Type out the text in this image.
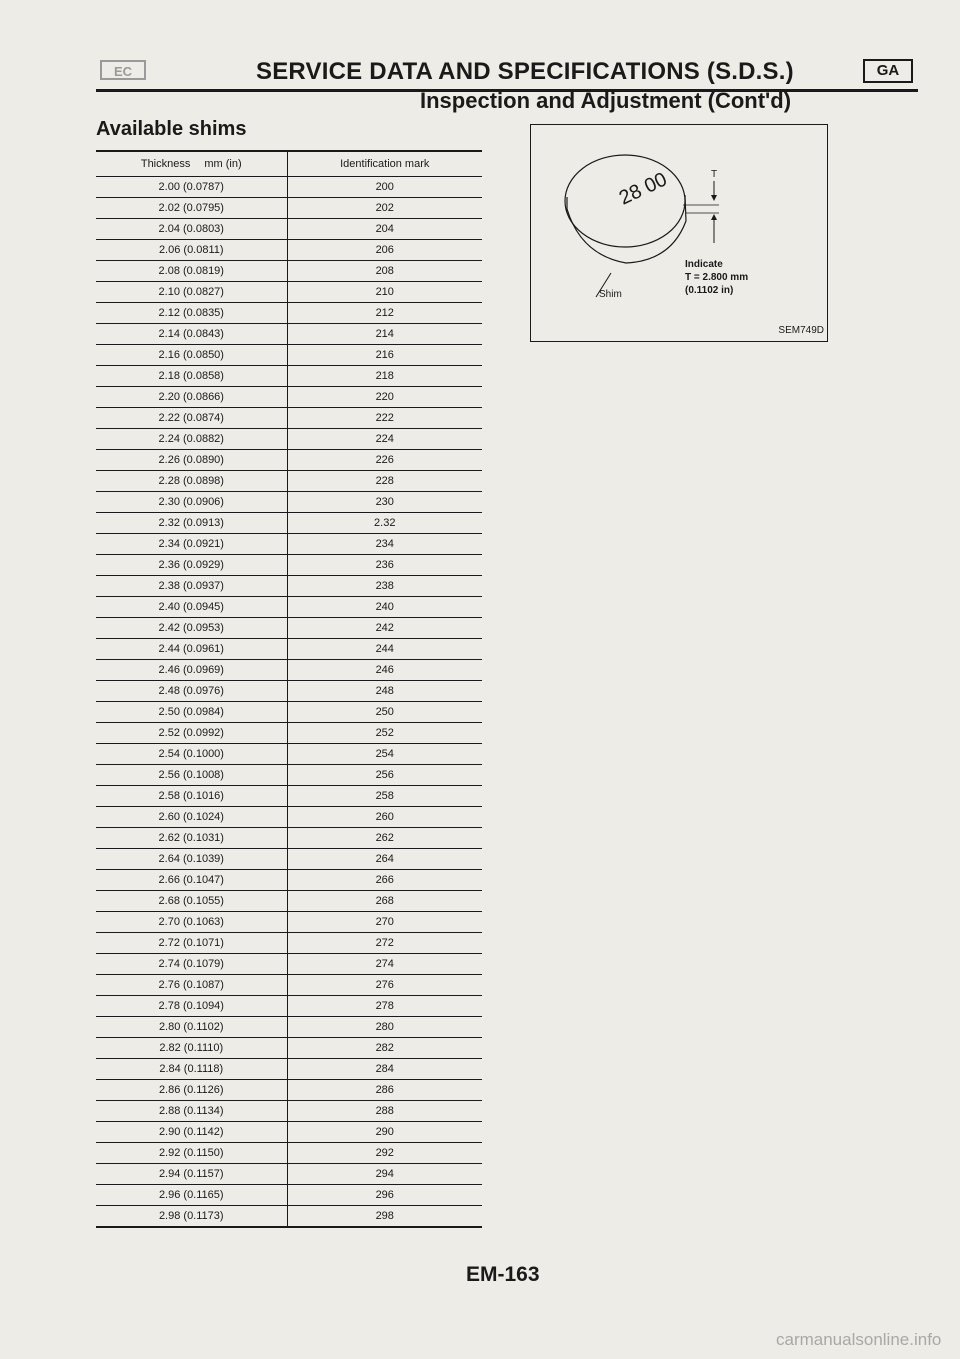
EC	SERVICE DATA AND SPECIFICATIONS (S.D.S.)	GA
Inspection and Adjustment (Cont'd)
Available shims
Thickness mm (in)	Identification mark
2.00 (0.0787)	200
2.02 (0.0795)	202
2.04 (0.0803)	204
2.06 (0.0811)	206
2.08 (0.0819)	208
2.10 (0.0827)	210
2.12 (0.0835)	212
2.14 (0.0843)	214
2.16 (0.0850)	216
2.18 (0.0858)	218
2.20 (0.0866)	220
2.22 (0.0874)	222
2.24 (0.0882)	224
2.26 (0.0890)	226
2.28 (0.0898)	228
2.30 (0.0906)	230
2.32 (0.0913)	2.32
2.34 (0.0921)	234
2.36 (0.0929)	236
2.38 (0.0937)	238
2.40 (0.0945)	240
2.42 (0.0953)	242
2.44 (0.0961)	244
2.46 (0.0969)	246
2.48 (0.0976)	248
2.50 (0.0984)	250
2.52 (0.0992)	252
2.54 (0.1000)	254
2.56 (0.1008)	256
2.58 (0.1016)	258
2.60 (0.1024)	260
2.62 (0.1031)	262
2.64 (0.1039)	264
2.66 (0.1047)	266
2.68 (0.1055)	268
2.70 (0.1063)	270
2.72 (0.1071)	272
2.74 (0.1079)	274
2.76 (0.1087)	276
2.78 (0.1094)	278
2.80 (0.1102)	280
2.82 (0.1110)	282
2.84 (0.1118)	284
2.86 (0.1126)	286
2.88 (0.1134)	288
2.90 (0.1142)	290
2.92 (0.1150)	292
2.94 (0.1157)	294
2.96 (0.1165)	296
2.98 (0.1173)	298
28 00	T
Indicate
T = 2.800 mm
(0.1102 in)
Shim
SEM749D
EM-163
carmanualsonline.info
